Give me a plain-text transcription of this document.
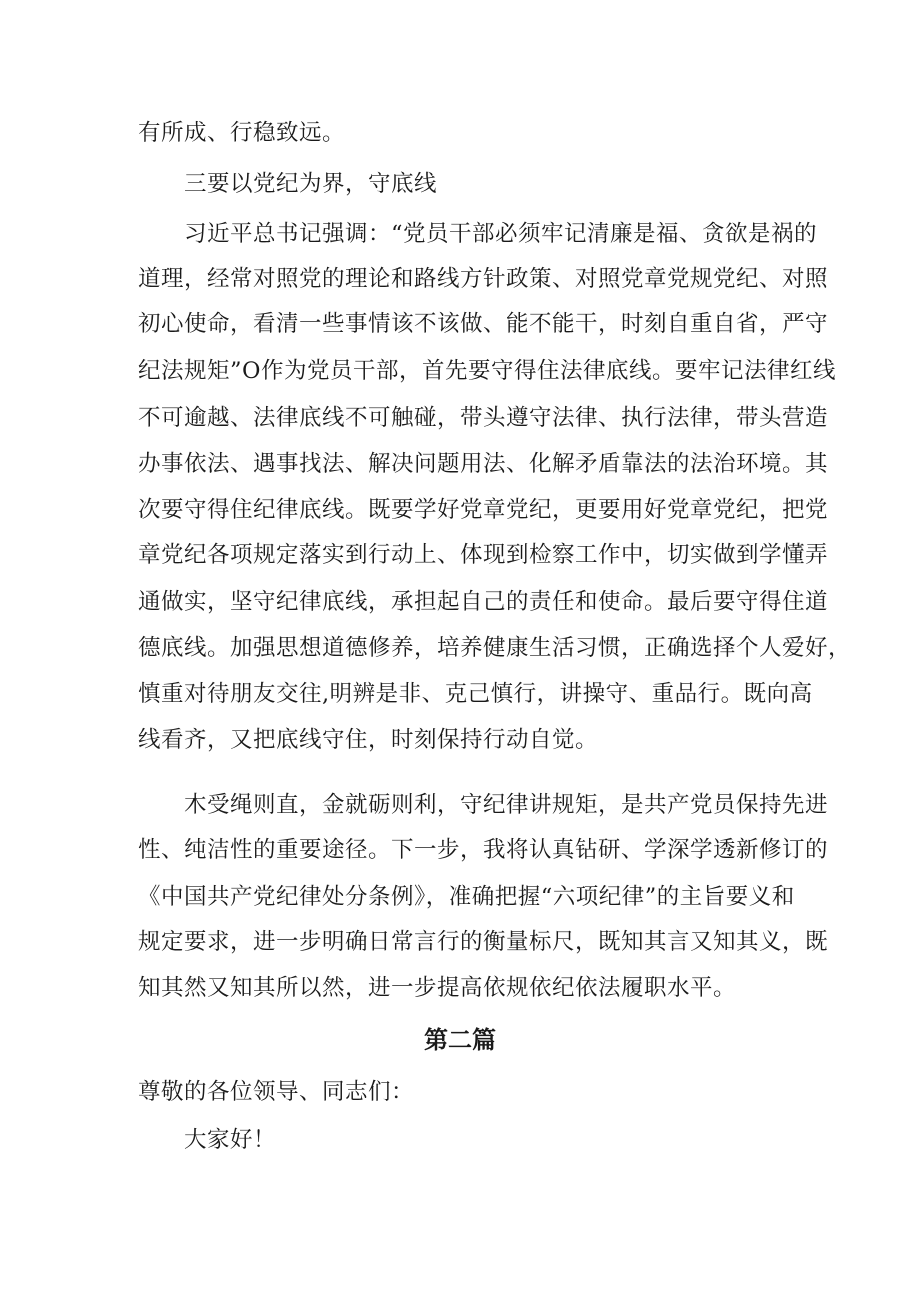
有所成、行稳致远。
三要以党纪为界，守底线
习近平总书记强调：“党员干部必须牢记清廉是福、贪欲是祸的
道理，经常对照党的理论和路线方针政策、对照党章党规党纪、对照
初心使命，看清一些事情该不该做、能不能干，时刻自重自省，严守
纪法规矩”O作为党员干部，首先要守得住法律底线。要牢记法律红线
不可逾越、法律底线不可触碰，带头遵守法律、执行法律，带头营造
办事依法、遇事找法、解决问题用法、化解矛盾靠法的法治环境。其
次要守得住纪律底线。既要学好党章党纪，更要用好党章党纪，把党
章党纪各项规定落实到行动上、体现到检察工作中，切实做到学懂弄
通做实，坚守纪律底线，承担起自己的责任和使命。最后要守得住道
德底线。加强思想道德修养，培养健康生活习惯，正确选择个人爱好，
慎重对待朋友交往,明辨是非、克己慎行，讲操守、重品行。既向高
线看齐，又把底线守住，时刻保持行动自觉。
木受绳则直，金就砺则利，守纪律讲规矩，是共产党员保持先进
性、纯洁性的重要途径。下一步，我将认真钻研、学深学透新修订的
《中国共产党纪律处分条例》，准确把握“六项纪律”的主旨要义和
规定要求，进一步明确日常言行的衡量标尺，既知其言又知其义，既
知其然又知其所以然，进一步提高依规依纪依法履职水平。
第二篇
尊敬的各位领导、同志们：
大家好！
